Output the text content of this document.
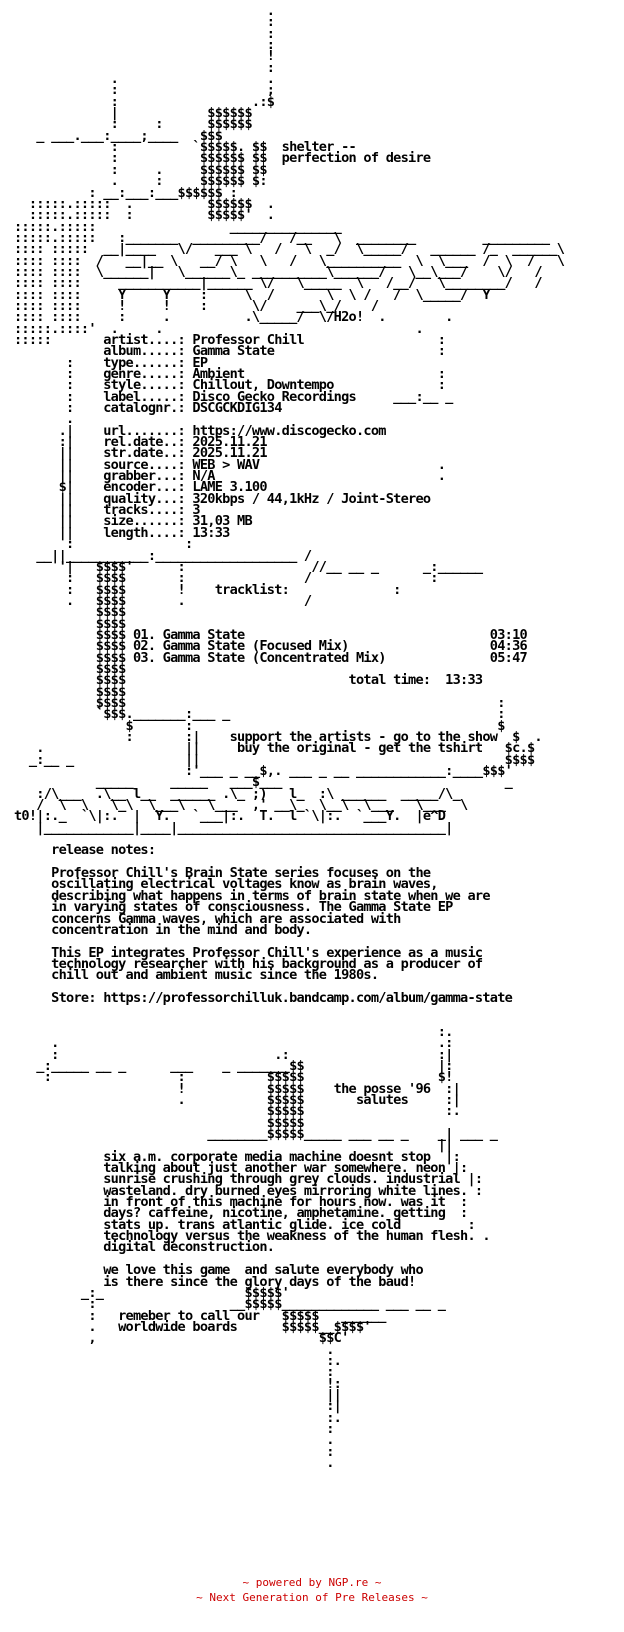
.
:
:
:
!
:
.                    .
:                    ;
:                  .:$
|            $$$$$$
:     :      $$$$$$
_ ___.___:____;____   $$$
:          `$$$$$. $$  shelter --
:           $$$$$$ $$  perfection of desire
:     .     $$$$$$ $$
.     :     $$$$$$ $:
: __:___:___$$$$$$ :
:::::.:::::  .          $$$$$$  .
:::::.:::::  :          $$$$$'  .
:::::.:::::                  _______________
:::::.:::::   :_______  _________/   /__   \  ________         _________
:::: :::::  __|____   \/   ___ \   /   \  _/  \_____/   ______ /_  ______\
:::: ::::  /   __|__ \   __/ \   \   /   \__________  \  \___  /  \  /   \
:::: ::::  \______|   \______\_ __________\______/   \__\___/    \/   /
:::: ::::     ___________|______ \/   \_____  \   /__/   \________/   /
:::: ::::     Y     Y    :     \  /       \  \ /   /  \_____/  Y
:::: ::::     !     !    :      \/    ___\_/    /
:::: ::::     :     .          .\_____/  \/H2o!  .        .
:::::.::::'  .     .                                  .
:::::       artist....: Professor Chill                  :
album.....: Gamma State                      :
:    type......: EP
:    genre.....: Ambient                          :
:    style.....: Chillout, Downtempo              :
:    label.....: Disco Gecko Recordings     ___:__ _
:    catalognr.: DSCGCKDIG134
.
.|    url.......: https://www.discogecko.com
:|    rel.date..: 2025.11.21
||    str.date..: 2025.11.21
||    source....: WEB > WAV                        .
||    grabber...: N/A                              .
$|    encoder...: LAME 3.100
||    quality...: 320kbps / 44,1kHz / Joint-Stereo
||    tracks....: 3
||    size......: 31,03 MB
||    length....: 13:33
:               :
__||___________:___________________ /
'|   $$$$'      :                 //__ __ _      _:______
:   $$$$       :                /                :
:   $$$$       !    tracklist:              :
.   $$$$       .                /
$$$$
$$$$
$$$$ 01. Gamma State                                 03:10
$$$$ 02. Gamma State (Focused Mix)                   04:36
$$$$ 03. Gamma State (Concentrated Mix)              05:47
$$$$
$$$$                              total time:  13:33
$$$$
$$$$                                                  :
`$$$._______:___ _                                    :
$       :                                         $
:       :|    support the artists - go to the show  $  .
.                   ||     buy the original - get the tshirt   $c.$
_:__ _               ||                                         $$$$
:'___ _ __$,. ___ _ __ ____________:____$$$'
_____     _____   ___$___                              _
:/\___  .\__ l__  ______ .\_ ;)   l_  :\ ______  _____/\_
/  \  \   \_\  \___\   \___  ,' __\_  \__\  \___   \___  \
t0!|:._  `\|:.  |  Y.   `___|:.  T.  l `\|:.  `___Y.  |e^D
|____________|____|____________________________________|

release notes:

Professor Chill's Brain State series focuses on the
oscillating electrical voltages know as brain waves,
describing what happens in terms of brain state when we are
in varying states of consciousness. The Gamma State EP
concerns Gamma waves, which are associated with
concentration in the mind and body.

This EP integrates Professor Chill's experience as a music
technology researcher with his background as a producer of
chill out and ambient music since the 1980s.

Store: https://professorchilluk.bandcamp.com/album/gamma-state

:.
.                                                   .:
:                             .:                    :|
_:_____ __ _      ___    _ _______$$                  |:
:                 :           $$$$$                  $!
!           $$$$$    the posse '96  :|
.           $$$$$       salutes     :|
$$$$$                   :.
$$$$$
________$$$$$_____ ___ __ _    _| ___ _
||
six a.m. corporate media machine doesnt stop  |:
talking about just another war somewhere. neon |:
sunrise crushing through grey clouds. industrial |:
wasteland. dry burned eyes mirroring white lines. :
in front of this machine for hours now. was it  :
days? caffeine, nicotine, amphetamine. getting  :
stats up. trans atlantic glide. ice cold         :
technology versus the weakness of the human flesh. .
digital deconstruction.

we love this game  and salute everybody who
is there since the glory days of the baud!
_:_                   $$$$$'
:                  __$$$$$_____________ ___ __ _
:   remeber to call our   $$$$$   ______
.   worldwide boards      $$$$$__$$$$'
,                              $$C'
.
:.
:
!:
||
:|
:.
:
.
:
.
~ powered by NGP.re ~
~ Next Generation of Pre Releases ~
